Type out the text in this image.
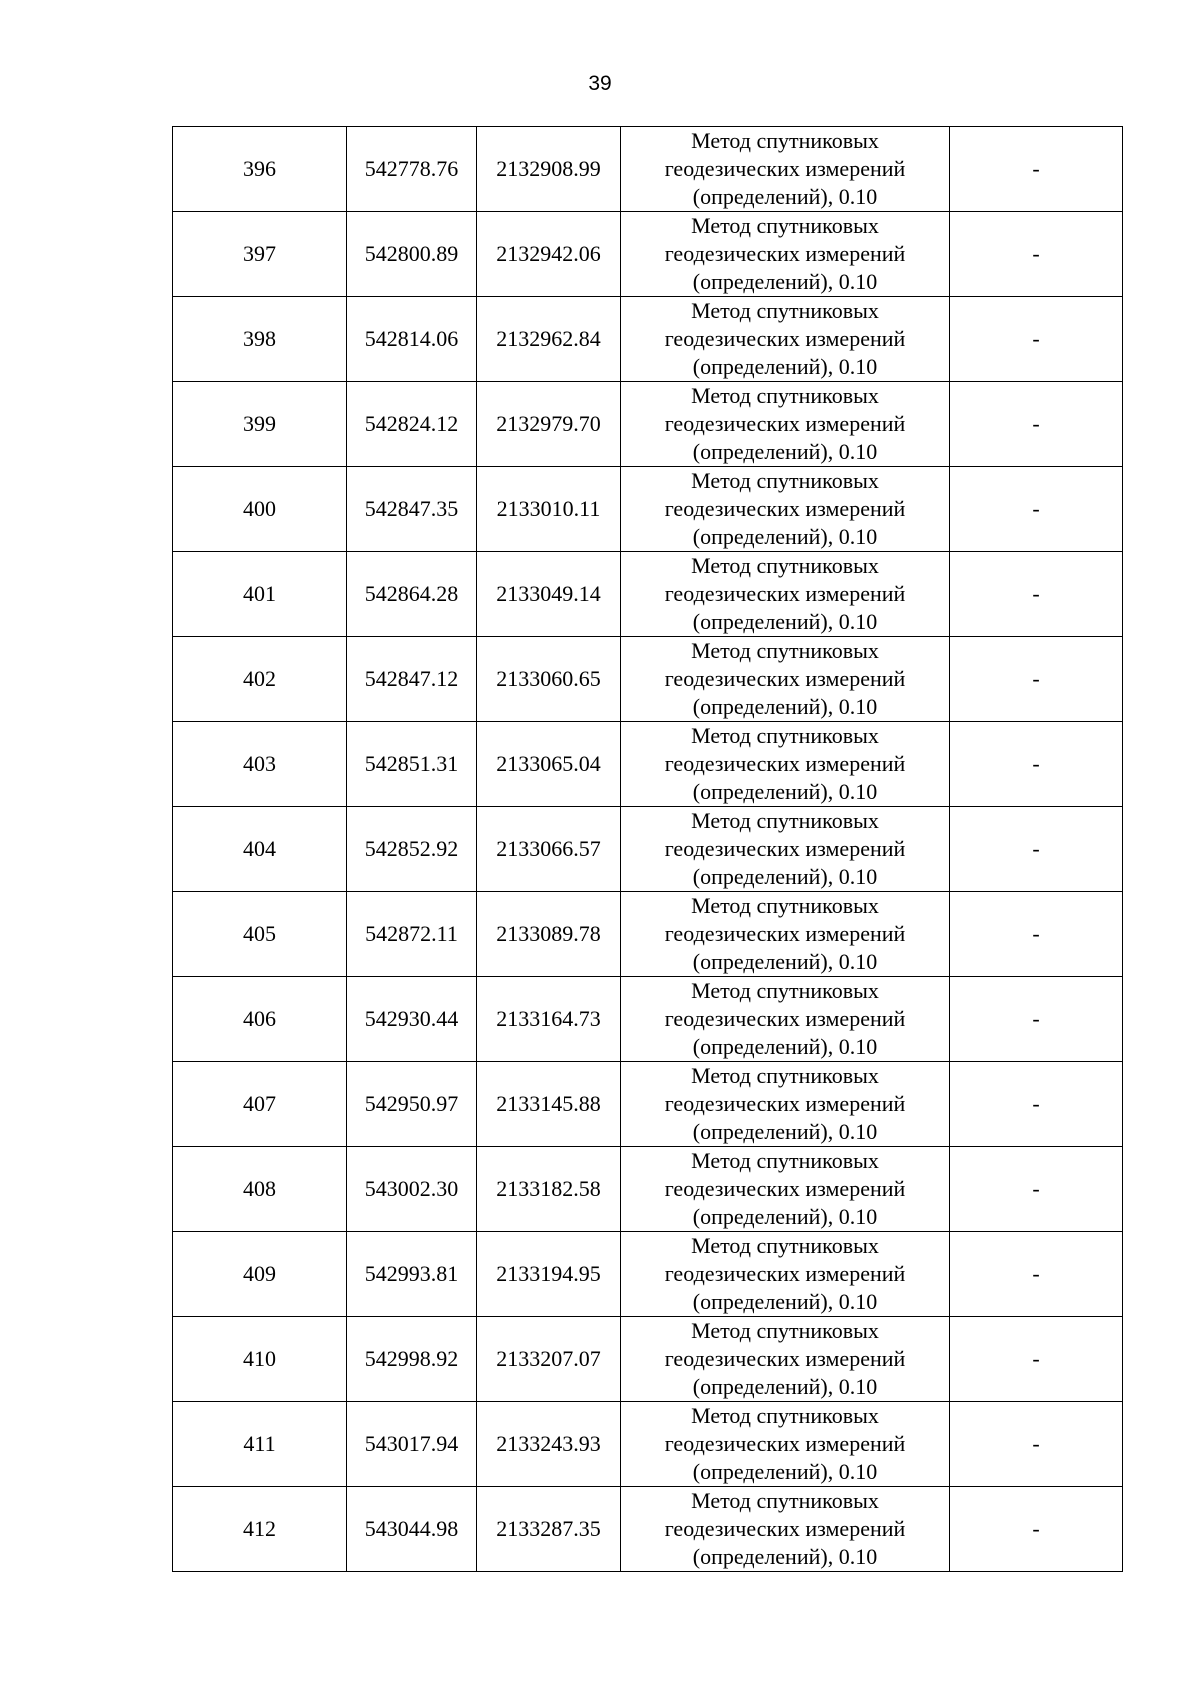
39
396	542778.76	2132908.99	Метод спутниковых
геодезических измерений
(определений), 0.10	-
397	542800.89	2132942.06	Метод спутниковых
геодезических измерений
(определений), 0.10	-
398	542814.06	2132962.84	Метод спутниковых
геодезических измерений
(определений), 0.10	-
399	542824.12	2132979.70	Метод спутниковых
геодезических измерений
(определений), 0.10	-
400	542847.35	2133010.11	Метод спутниковых
геодезических измерений
(определений), 0.10	-
401	542864.28	2133049.14	Метод спутниковых
геодезических измерений
(определений), 0.10	-
402	542847.12	2133060.65	Метод спутниковых
геодезических измерений
(определений), 0.10	-
403	542851.31	2133065.04	Метод спутниковых
геодезических измерений
(определений), 0.10	-
404	542852.92	2133066.57	Метод спутниковых
геодезических измерений
(определений), 0.10	-
405	542872.11	2133089.78	Метод спутниковых
геодезических измерений
(определений), 0.10	-
406	542930.44	2133164.73	Метод спутниковых
геодезических измерений
(определений), 0.10	-
407	542950.97	2133145.88	Метод спутниковых
геодезических измерений
(определений), 0.10	-
408	543002.30	2133182.58	Метод спутниковых
геодезических измерений
(определений), 0.10	-
409	542993.81	2133194.95	Метод спутниковых
геодезических измерений
(определений), 0.10	-
410	542998.92	2133207.07	Метод спутниковых
геодезических измерений
(определений), 0.10	-
411	543017.94	2133243.93	Метод спутниковых
геодезических измерений
(определений), 0.10	-
412	543044.98	2133287.35	Метод спутниковых
геодезических измерений
(определений), 0.10	-
